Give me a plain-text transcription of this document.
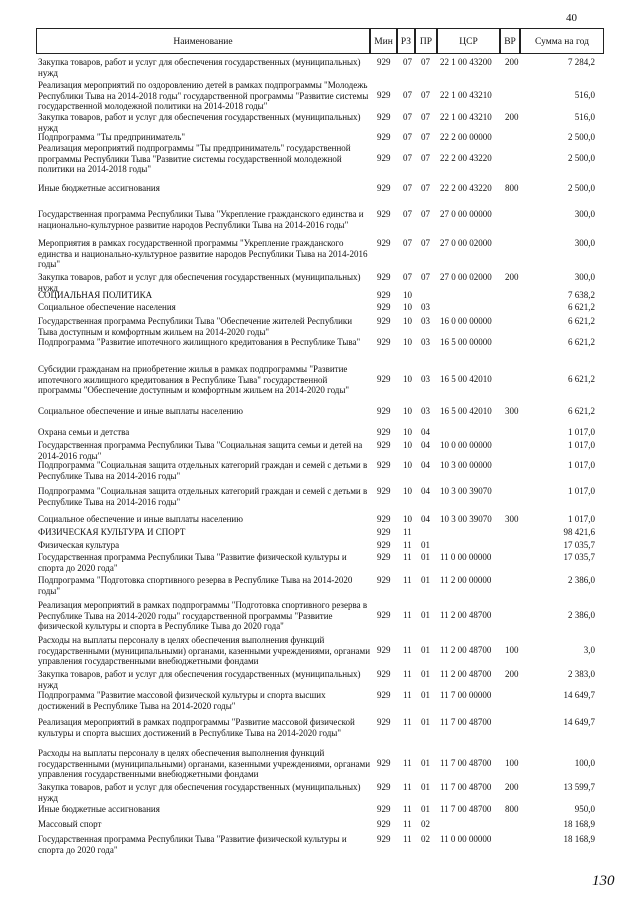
40
Наименование	Мин РЗ ПР	ЦСР	ВР	Сумма на год
Закупка товаров, работ и услуг для обеспечения государственных (муниципальных) нужд
929 07 07 22 1 00 43200 200	7 284,2
Реализация мероприятий по оздоровлению детей в рамках подпрограммы "Молодежь Республики Тыва на 2014-2018 годы" государственной программы "Развитие системы государственной молодежной политики на 2014-2018 годы"
929 07 07 22 1 00 43210	516,0
Закупка товаров, работ и услуг для обеспечения государственных (муниципальных) нужд
929 07 07 22 1 00 43210 200	516,0
Подпрограмма "Ты предприниматель"	929 07 07 22 2 00 00000	2 500,0
Реализация мероприятий подпрограммы "Ты предприниматель" государственной программы Республики Тыва "Развитие системы государственной молодежной политики на 2014-2018 годы"
929 07 07 22 2 00 43220	2 500,0
Иные бюджетные ассигнования	929 07 07 22 2 00 43220 800	2 500,0
Государственная программа Республики Тыва "Укрепление гражданского единства и национально-культурное развитие народов Республики Тыва на 2014-2016 годы"
929 07 07 27 0 00 00000	300,0
Мероприятия в рамках государственной программы "Укрепление гражданского единства и национально-культурное развитие народов Республики Тыва на 2014-2016 годы"
929 07 07 27 0 00 02000	300,0
Закупка товаров, работ и услуг для обеспечения государственных (муниципальных) нужд
929 07 07 27 0 00 02000 200	300,0
СОЦИАЛЬНАЯ ПОЛИТИКА	929 10	7 638,2
Социальное обеспечение населения	929 10 03	6 621,2
Государственная программа Республики Тыва "Обеспечение жителей Республики Тыва доступным и комфортным жильем на 2014-2020 годы"
929 10 03 16 0 00 00000	6 621,2
Подпрограмма "Развитие ипотечного жилищного кредитования в Республике Тыва"	929 10 03 16 5 00 00000	6 621,2
Субсидии гражданам на приобретение жилья в рамках подпрограммы "Развитие ипотечного жилищного кредитования в Республике Тыва" государственной программы "Обеспечение доступным и комфортным жильем на 2014-2020 годы"
929 10 03 16 5 00 42010	6 621,2
Социальное обеспечение и иные выплаты населению	929 10 03 16 5 00 42010 300	6 621,2
Охрана семьи и детства	929 10 04	1 017,0
Государственная программа Республики Тыва "Социальная защита семьи и детей на 2014-2016 годы"
929 10 04 10 0 00 00000	1 017,0
Подпрограмма "Социальная защита отдельных категорий граждан и семей с детьми в Республике Тыва на 2014-2016 годы"
929 10 04 10 3 00 00000	1 017,0
Подпрограмма "Социальная защита отдельных категорий граждан и семей с детьми в Республике Тыва на 2014-2016 годы"
929 10 04 10 3 00 39070	1 017,0
Социальное обеспечение и иные выплаты населению	929 10 04 10 3 00 39070 300	1 017,0
ФИЗИЧЕСКАЯ КУЛЬТУРА И СПОРТ	929 11	98 421,6
Физическая культура	929 11 01	17 035,7
Государственная программа Республики Тыва "Развитие физической культуры и спорта до 2020 года"
929 11 01 11 0 00 00000	17 035,7
Подпрограмма "Подготовка спортивного резерва в Республике Тыва на 2014-2020 годы"
929 11 01 11 2 00 00000	2 386,0
Реализация мероприятий в рамках подпрограммы "Подготовка спортивного резерва в Республике Тыва на 2014-2020 годы" государственной программы "Развитие физической культуры и спорта в Республике Тыва до 2020 года"
929 11 01 11 2 00 48700	2 386,0
Расходы на выплаты персоналу в целях обеспечения выполнения функций государственными (муниципальными) органами, казенными учреждениями, органами управления государственными внебюджетными фондами
929 11 01 11 2 00 48700 100	3,0
Закупка товаров, работ и услуг для обеспечения государственных (муниципальных) нужд
929 11 01 11 2 00 48700 200	2 383,0
Подпрограмма "Развитие массовой физической культуры и спорта высших достижений в Республике Тыва на 2014-2020 годы"
929 11 01 11 7 00 00000	14 649,7
Реализация мероприятий в рамках подпрограммы "Развитие массовой физической культуры и спорта высших достижений в Республике Тыва на 2014-2020 годы"
929 11 01 11 7 00 48700	14 649,7
Расходы на выплаты персоналу в целях обеспечения выполнения функций государственными (муниципальными) органами, казенными учреждениями, органами управления государственными внебюджетными фондами
929 11 01 11 7 00 48700 100	100,0
Закупка товаров, работ и услуг для обеспечения государственных (муниципальных) нужд
929 11 01 11 7 00 48700 200	13 599,7
Иные бюджетные ассигнования	929 11 01 11 7 00 48700 800	950,0
Массовый спорт	929 11 02	18 168,9
Государственная программа Республики Тыва "Развитие физической культуры и спорта до 2020 года"
929 11 02 11 0 00 00000	18 168,9
130
